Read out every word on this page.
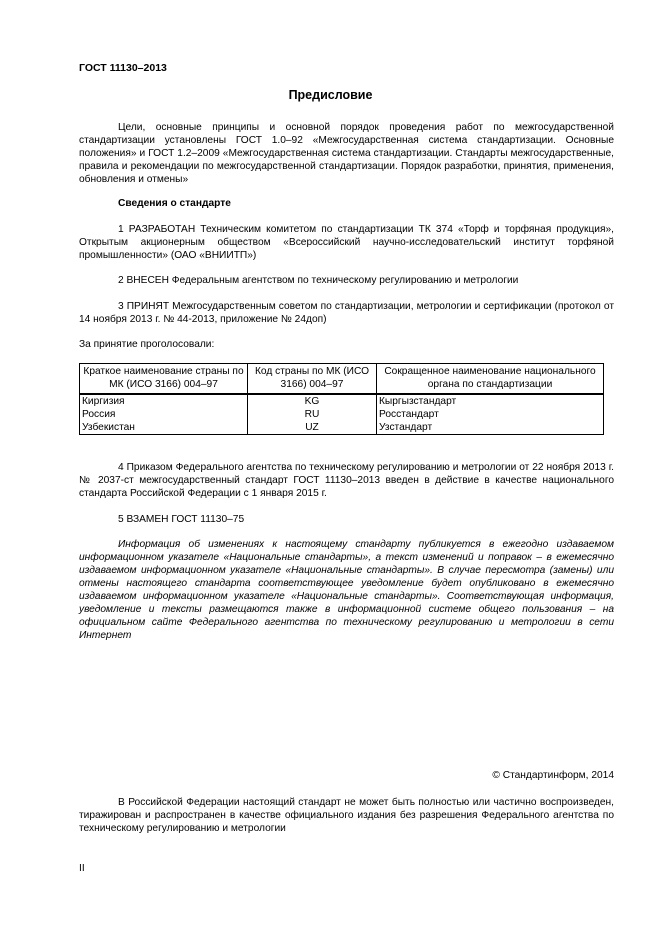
ГОСТ 11130–2013
Предисловие
Цели, основные принципы и основной порядок проведения работ по межгосударственной стандартизации установлены ГОСТ 1.0–92 «Межгосударственная система стандартизации. Основные положения» и ГОСТ 1.2–2009 «Межгосударственная система стандартизации. Стандарты межгосударственные, правила и рекомендации по межгосударственной стандартизации. Порядок разработки, принятия, применения, обновления и отмены»
Сведения о стандарте
1 РАЗРАБОТАН Техническим комитетом по стандартизации ТК 374 «Торф и торфяная продукция», Открытым акционерным обществом «Всероссийский научно-исследовательский институт торфяной промышленности» (ОАО «ВНИИТП»)
2 ВНЕСЕН Федеральным агентством по техническому регулированию и метрологии
3 ПРИНЯТ Межгосударственным советом по стандартизации, метрологии и сертификации (протокол от 14 ноября 2013 г. № 44-2013, приложение № 24доп)
За принятие проголосовали:
Краткое наименование страны по МК (ИСО 3166) 004–97	Код страны по МК (ИСО 3166) 004–97	Сокращенное наименование национального органа по стандартизации
Киргизия	KG	Кыргызстандарт
Россия	RU	Росстандарт
Узбекистан	UZ	Узстандарт
4 Приказом Федерального агентства по техническому регулированию и метрологии от 22 ноября 2013 г. № 2037-ст межгосударственный стандарт ГОСТ 11130–2013 введен в действие в качестве национального стандарта Российской Федерации с 1 января 2015 г.
5 ВЗАМЕН ГОСТ 11130–75
Информация об изменениях к настоящему стандарту публикуется в ежегодно издаваемом информационном указателе «Национальные стандарты», а текст изменений и поправок – в ежемесячно издаваемом информационном указателе «Национальные стандарты». В случае пересмотра (замены) или отмены настоящего стандарта соответствующее уведомление будет опубликовано в ежемесячно издаваемом информационном указателе «Национальные стандарты». Соответствующая информация, уведомление и тексты размещаются также в информационной системе общего пользования – на официальном сайте Федерального агентства по техническому регулированию и метрологии в сети Интернет
© Стандартинформ, 2014
В Российской Федерации настоящий стандарт не может быть полностью или частично воспроизведен, тиражирован и распространен в качестве официального издания без разрешения Федерального агентства по техническому регулированию и метрологии
II
